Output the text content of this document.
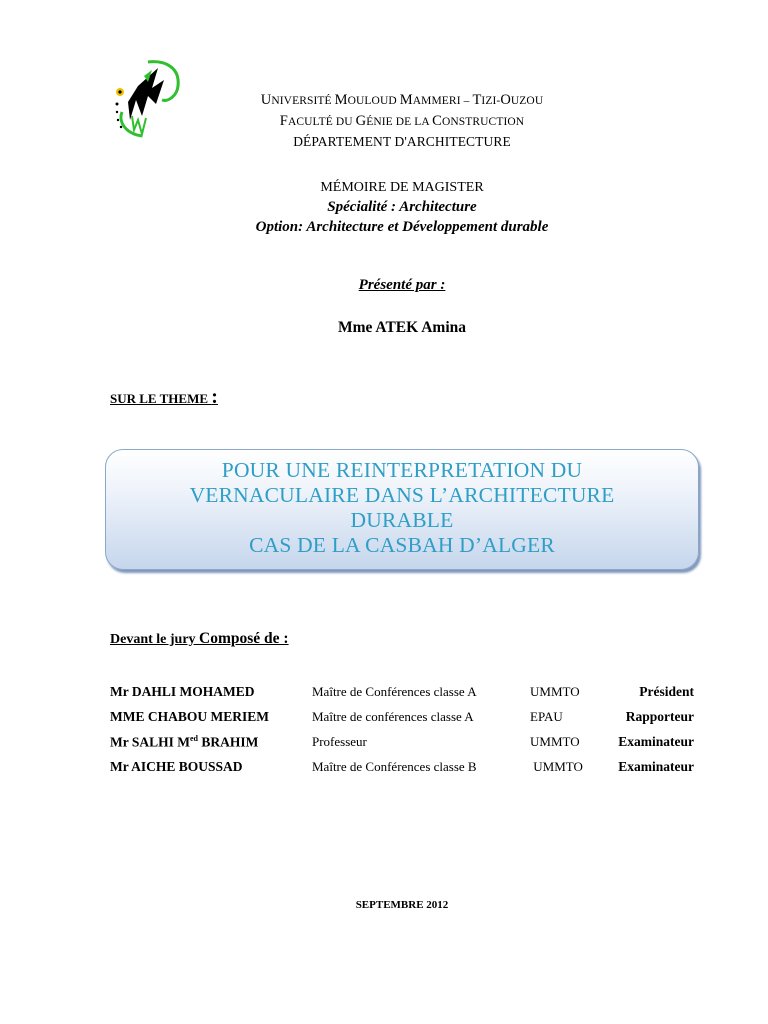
UNIVERSITÉ MOULOUD MAMMERI – TIZI-OUZOU
FACULTÉ DU GÉNIE DE LA CONSTRUCTION
DÉPARTEMENT D'ARCHITECTURE
MÉMOIRE DE MAGISTER
Spécialité : Architecture
Option: Architecture et Développement durable
Présenté par :
Mme ATEK Amina
SUR LE THEME :
POUR UNE REINTERPRETATION DU
VERNACULAIRE DANS L’ARCHITECTURE
DURABLE
CAS DE LA CASBAH D’ALGER
Devant le jury Composé de :
Mr DAHLI MOHAMED	Maître de Conférences classe A	UMMTO	Président
MME CHABOU MERIEM	Maître de conférences classe A	EPAU	Rapporteur
Mr SALHI $M^{ed}$ BRAHIM	Professeur	UMMTO	Examinateur
Mr AICHE BOUSSAD	Maître de Conférences classe B	UMMTO	Examinateur
SEPTEMBRE 2012
